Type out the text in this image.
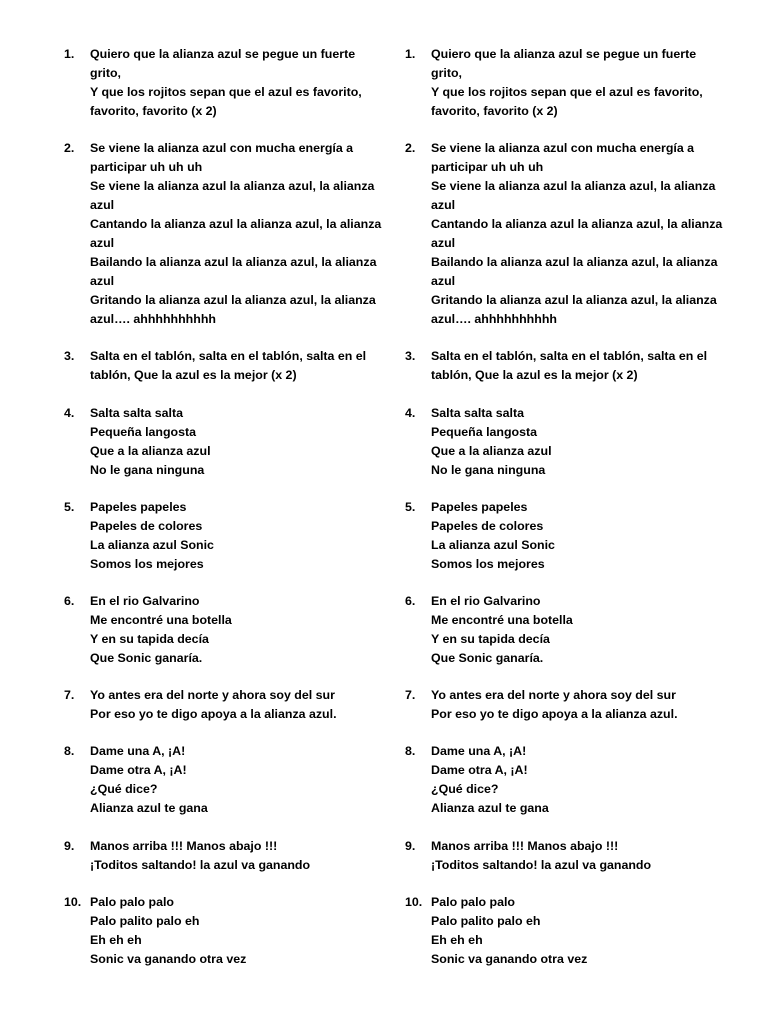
1.	Quiero que la alianza azul se pegue un fuerte grito,
Y que los rojitos sepan que el azul es favorito,
favorito, favorito (x 2)
2.	Se viene la alianza azul con mucha energía a
participar uh uh uh
Se viene la alianza azul la alianza azul, la alianza
azul
Cantando la alianza azul la alianza azul, la alianza
azul
Bailando la alianza azul la alianza azul, la alianza
azul
Gritando la alianza azul la alianza azul, la alianza
azul…. ahhhhhhhhhh
3.	Salta en el tablón, salta en el tablón, salta en el
tablón, Que la azul es la mejor (x 2)
4.	Salta salta salta
Pequeña langosta
Que a la alianza azul
No le gana ninguna
5.	Papeles papeles
Papeles de colores
La alianza azul Sonic
Somos los mejores
6.	En el rio Galvarino
Me encontré una botella
Y en su tapida decía
Que Sonic ganaría.
7.	Yo antes era del norte y ahora soy del sur
Por eso yo te digo apoya a la alianza azul.
8.	Dame una A, ¡A!
Dame otra A, ¡A!
¿Qué dice?
Alianza azul te gana
9.	Manos arriba !!! Manos abajo !!!
¡Toditos saltando! la azul va ganando
10. Palo palo palo
Palo palito palo eh
Eh eh eh
Sonic va ganando otra vez
1.	Quiero que la alianza azul se pegue un fuerte grito,
Y que los rojitos sepan que el azul es favorito,
favorito, favorito (x 2)
2.	Se viene la alianza azul con mucha energía a
participar uh uh uh
Se viene la alianza azul la alianza azul, la alianza
azul
Cantando la alianza azul la alianza azul, la alianza
azul
Bailando la alianza azul la alianza azul, la alianza
azul
Gritando la alianza azul la alianza azul, la alianza
azul…. ahhhhhhhhhh
3.	Salta en el tablón, salta en el tablón, salta en el
tablón, Que la azul es la mejor (x 2)
4.	Salta salta salta
Pequeña langosta
Que a la alianza azul
No le gana ninguna
5.	Papeles papeles
Papeles de colores
La alianza azul Sonic
Somos los mejores
6.	En el rio Galvarino
Me encontré una botella
Y en su tapida decía
Que Sonic ganaría.
7.	Yo antes era del norte y ahora soy del sur
Por eso yo te digo apoya a la alianza azul.
8.	Dame una A, ¡A!
Dame otra A, ¡A!
¿Qué dice?
Alianza azul te gana
9.	Manos arriba !!! Manos abajo !!!
¡Toditos saltando! la azul va ganando
10. Palo palo palo
Palo palito palo eh
Eh eh eh
Sonic va ganando otra vez
